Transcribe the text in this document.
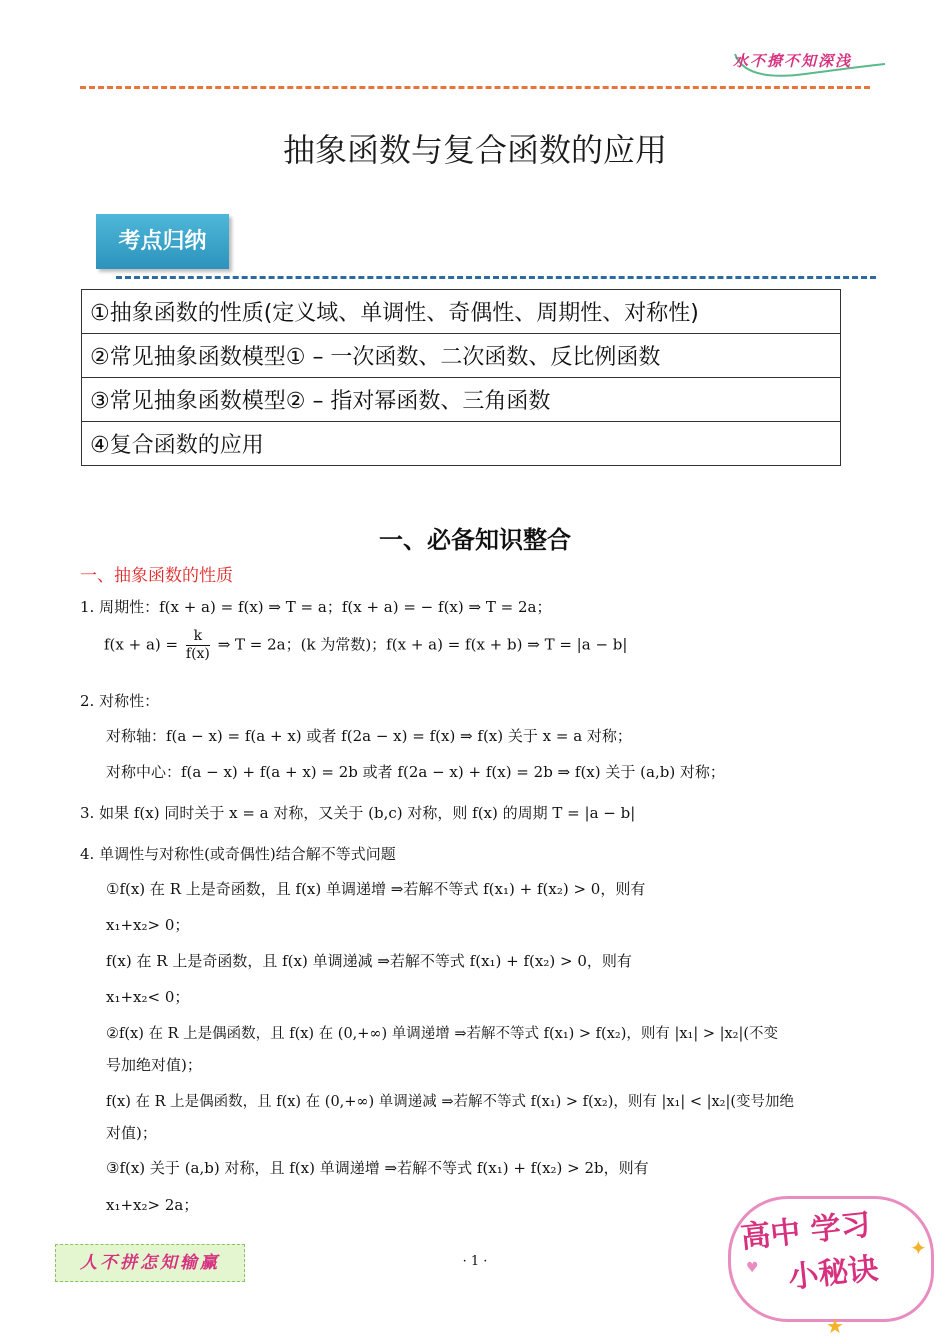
水不撩不知深浅
抽象函数与复合函数的应用
考点归纳
①抽象函数的性质(定义域、单调性、奇偶性、周期性、对称性)
②常见抽象函数模型① – 一次函数、二次函数、反比例函数
③常见抽象函数模型② – 指对幂函数、三角函数
④复合函数的应用
一、必备知识整合
一、抽象函数的性质
1. 周期性：f(x + a) = f(x) ⇒ T = a；f(x + a) = − f(x) ⇒ T = 2a；
$f(x + a) = \frac{k}{f(x)}$ ⇒ T = 2a；(k 为常数)；f(x + a) = f(x + b) ⇒ T = |a − b|
2. 对称性：
对称轴：f(a − x) = f(a + x) 或者 f(2a − x) = f(x) ⇒ f(x) 关于 x = a 对称；
对称中心：f(a − x) + f(a + x) = 2b 或者 f(2a − x) + f(x) = 2b ⇒ f(x) 关于 (a,b) 对称；
3. 如果 f(x) 同时关于 x = a 对称，又关于 (b,c) 对称，则 f(x) 的周期 T = |a − b|
4. 单调性与对称性(或奇偶性)结合解不等式问题
①f(x) 在 R 上是奇函数，且 f(x) 单调递增 ⇒若解不等式 f(x₁) + f(x₂) > 0，则有
x₁+x₂> 0；
f(x) 在 R 上是奇函数，且 f(x) 单调递减 ⇒若解不等式 f(x₁) + f(x₂) > 0，则有
x₁+x₂< 0；
②f(x) 在 R 上是偶函数，且 f(x) 在 (0,+∞) 单调递增 ⇒若解不等式 f(x₁) > f(x₂)，则有 |x₁| > |x₂|(不变
号加绝对值)；
f(x) 在 R 上是偶函数，且 f(x) 在 (0,+∞) 单调递减 ⇒若解不等式 f(x₁) > f(x₂)，则有 |x₁| < |x₂|(变号加绝
对值)；
③f(x) 关于 (a,b) 对称，且 f(x) 单调递增 ⇒若解不等式 f(x₁) + f(x₂) > 2b，则有
x₁+x₂> 2a；
· 1 ·
人不拼怎知输赢
高中 学习
小秘诀
✦
♥
★
